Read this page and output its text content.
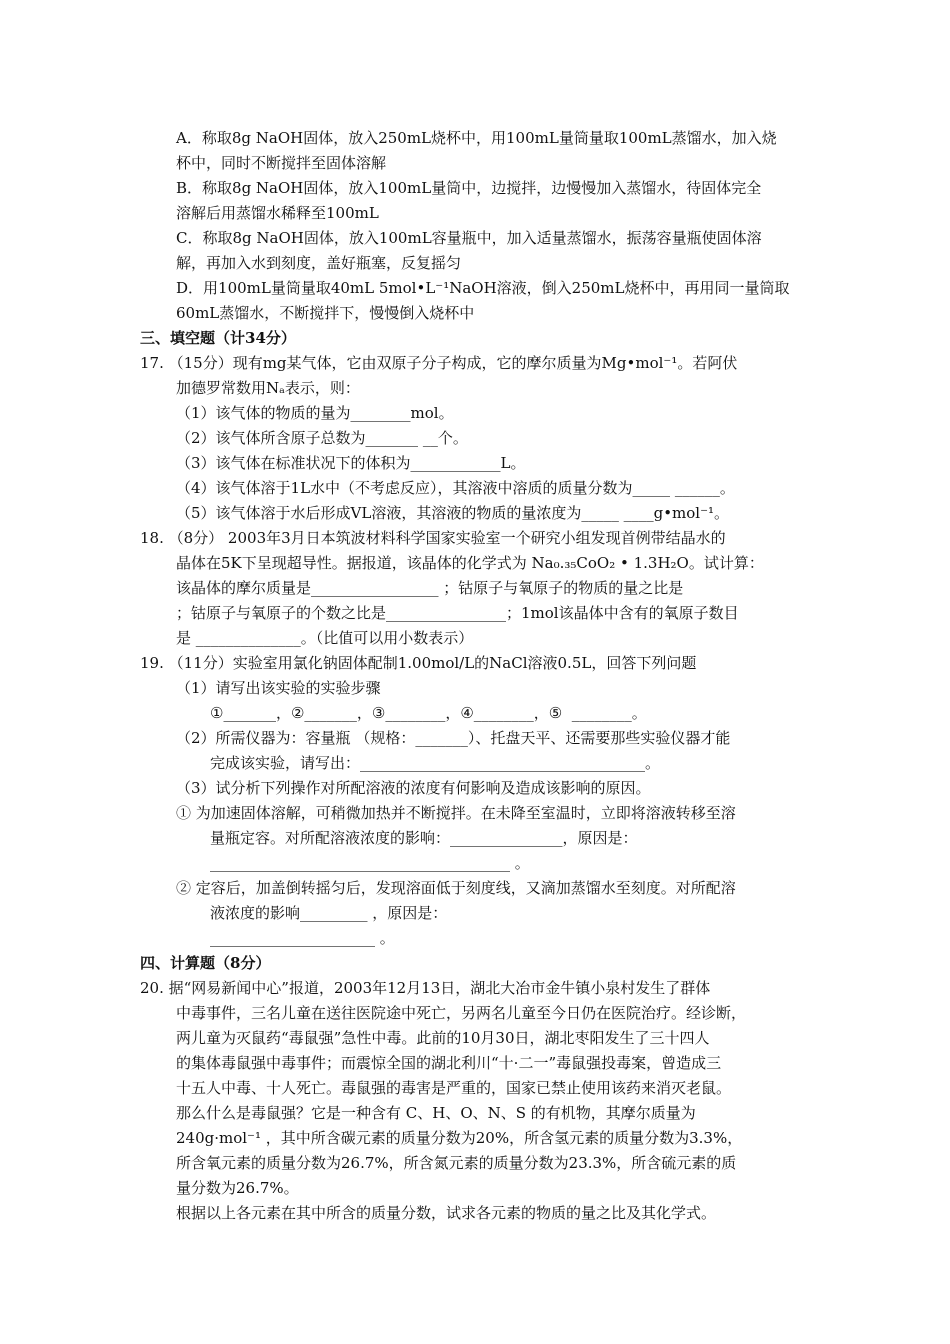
A．称取8g NaOH固体，放入250mL烧杯中，用100mL量筒量取100mL蒸馏水，加入烧
杯中，同时不断搅拌至固体溶解
B．称取8g NaOH固体，放入100mL量筒中，边搅拌，边慢慢加入蒸馏水，待固体完全
溶解后用蒸馏水稀释至100mL
C．称取8g NaOH固体，放入100mL容量瓶中，加入适量蒸馏水，振荡容量瓶使固体溶
解，再加入水到刻度，盖好瓶塞，反复摇匀
D．用100mL量筒量取40mL 5mol•L⁻¹NaOH溶液，倒入250mL烧杯中，再用同一量筒取
60mL蒸馏水，不断搅拌下，慢慢倒入烧杯中
三、填空题（计34分）
17. （15分）现有mg某气体，它由双原子分子构成，它的摩尔质量为Mg•mol⁻¹。若阿伏
加德罗常数用Nₐ表示，则：
（1）该气体的物质的量为________mol。
（2）该气体所含原子总数为_______ __个。
（3）该气体在标准状况下的体积为____________L。
（4）该气体溶于1L水中（不考虑反应），其溶液中溶质的质量分数为_____ ______。
（5）该气体溶于水后形成VL溶液，其溶液的物质的量浓度为_____ ____g•mol⁻¹。
18. （8分） 2003年3月日本筑波材料科学国家实验室一个研究小组发现首例带结晶水的
晶体在5K下呈现超导性。据报道，该晶体的化学式为 Na₀.₃₅CoO₂ • 1.3H₂O。试计算：
该晶体的摩尔质量是_________________ ；钴原子与氧原子的物质的量之比是
；钴原子与氧原子的个数之比是________________；1mol该晶体中含有的氧原子数目
是 ______________。（比值可以用小数表示）
19. （11分）实验室用氯化钠固体配制1.00mol/L的NaCl溶液0.5L，回答下列问题
（1）请写出该实验的实验步骤
①_______，②_______，③________，④________，⑤  ________。
（2）所需仪器为：容量瓶 （规格：_______）、托盘天平、还需要那些实验仪器才能
完成该实验，请写出：______________________________________。
（3）试分析下列操作对所配溶液的浓度有何影响及造成该影响的原因。
① 为加速固体溶解，可稍微加热并不断搅拌。在未降至室温时，立即将溶液转移至溶
量瓶定容。对所配溶液浓度的影响：_______________，原因是：
________________________________________ 。
② 定容后，加盖倒转摇匀后，发现溶面低于刻度线，又滴加蒸馏水至刻度。对所配溶
液浓度的影响_________ ，原因是：
______________________ 。
四、计算题（8分）
20. 据“网易新闻中心”报道，2003年12月13日，湖北大冶市金牛镇小泉村发生了群体
中毒事件，三名儿童在送往医院途中死亡，另两名儿童至今日仍在医院治疗。经诊断，
两儿童为灭鼠药“毒鼠强”急性中毒。此前的10月30日，湖北枣阳发生了三十四人
的集体毒鼠强中毒事件；而震惊全国的湖北利川“十·二一”毒鼠强投毒案，曾造成三
十五人中毒、十人死亡。毒鼠强的毒害是严重的，国家已禁止使用该药来消灭老鼠。
那么什么是毒鼠强？它是一种含有 C、H、O、N、S 的有机物，其摩尔质量为
240g·mol⁻¹ ，其中所含碳元素的质量分数为20%，所含氢元素的质量分数为3.3%，
所含氧元素的质量分数为26.7%，所含氮元素的质量分数为23.3%，所含硫元素的质
量分数为26.7%。
根据以上各元素在其中所含的质量分数，试求各元素的物质的量之比及其化学式。
